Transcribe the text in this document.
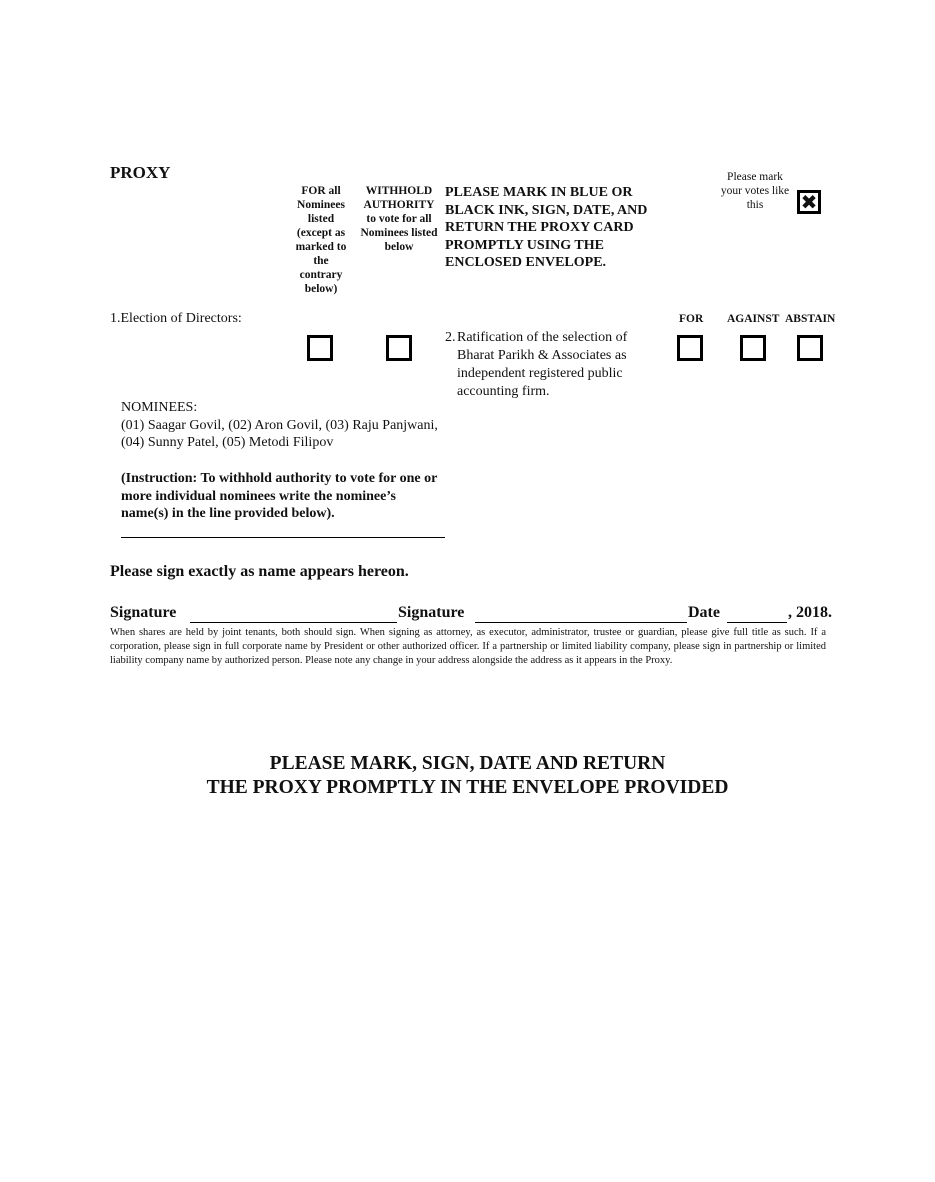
PROXY
FOR all Nominees listed (except as marked to the contrary below)
WITHHOLD AUTHORITY to vote for all Nominees listed below
PLEASE MARK IN BLUE OR BLACK INK, SIGN, DATE, AND RETURN THE PROXY CARD PROMPTLY USING THE ENCLOSED ENVELOPE.
Please mark your votes like this	✖
1.Election of Directors:
2. Ratification of the selection of Bharat Parikh & Associates as independent registered public accounting firm.
FOR AGAINST ABSTAIN
NOMINEES:
(01) Saagar Govil, (02) Aron Govil, (03) Raju Panjwani, (04) Sunny Patel, (05) Metodi Filipov
(Instruction: To withhold authority to vote for one or more individual nominees write the nominee’s name(s) in the line provided below).
Please sign exactly as name appears hereon.
Signature	Signature	Date	, 2018.
When shares are held by joint tenants, both should sign. When signing as attorney, as executor, administrator, trustee or guardian, please give full title as such. If a corporation, please sign in full corporate name by President or other authorized officer. If a partnership or limited liability company, please sign in partnership or limited liability company name by authorized person. Please note any change in your address alongside the address as it appears in the Proxy.
PLEASE MARK, SIGN, DATE AND RETURN
THE PROXY PROMPTLY IN THE ENVELOPE PROVIDED
